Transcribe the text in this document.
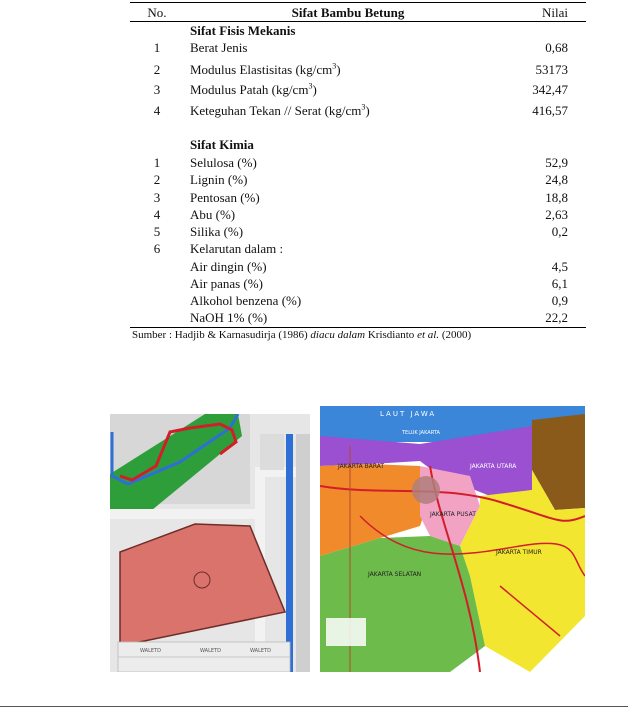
No.	Sifat Bambu Betung	Nilai
Sifat Fisis Mekanis
1	Berat Jenis	0,68
2	Modulus Elastisitas $(kg/cm^3)$	53173
3	Modulus Patah $(kg/cm^3)$	342,47
4	Keteguhan Tekan // Serat $(kg/cm^3)$	416,57
Sifat Kimia
1	Selulosa (%)	52,9
2	Lignin (%)	24,8
3	Pentosan (%)	18,8
4	Abu (%)	2,63
5	Silika (%)	0,2
6	Kelarutan dalam :
Air dingin (%)	4,5
Air panas (%)	6,1
Alkohol benzena (%)	0,9
NaOH 1% (%)	22,2
Sumber : Hadjib & Karnasudirja (1986) diacu dalam Krisdianto et al. (2000)
WALETD	WALETD	WALETD
LAUT JAWA
TELUK JAKARTA
JAKARTA UTARA
JAKARTA BARAT
JAKARTA PUSAT
JAKARTA TIMUR
JAKARTA SELATAN
